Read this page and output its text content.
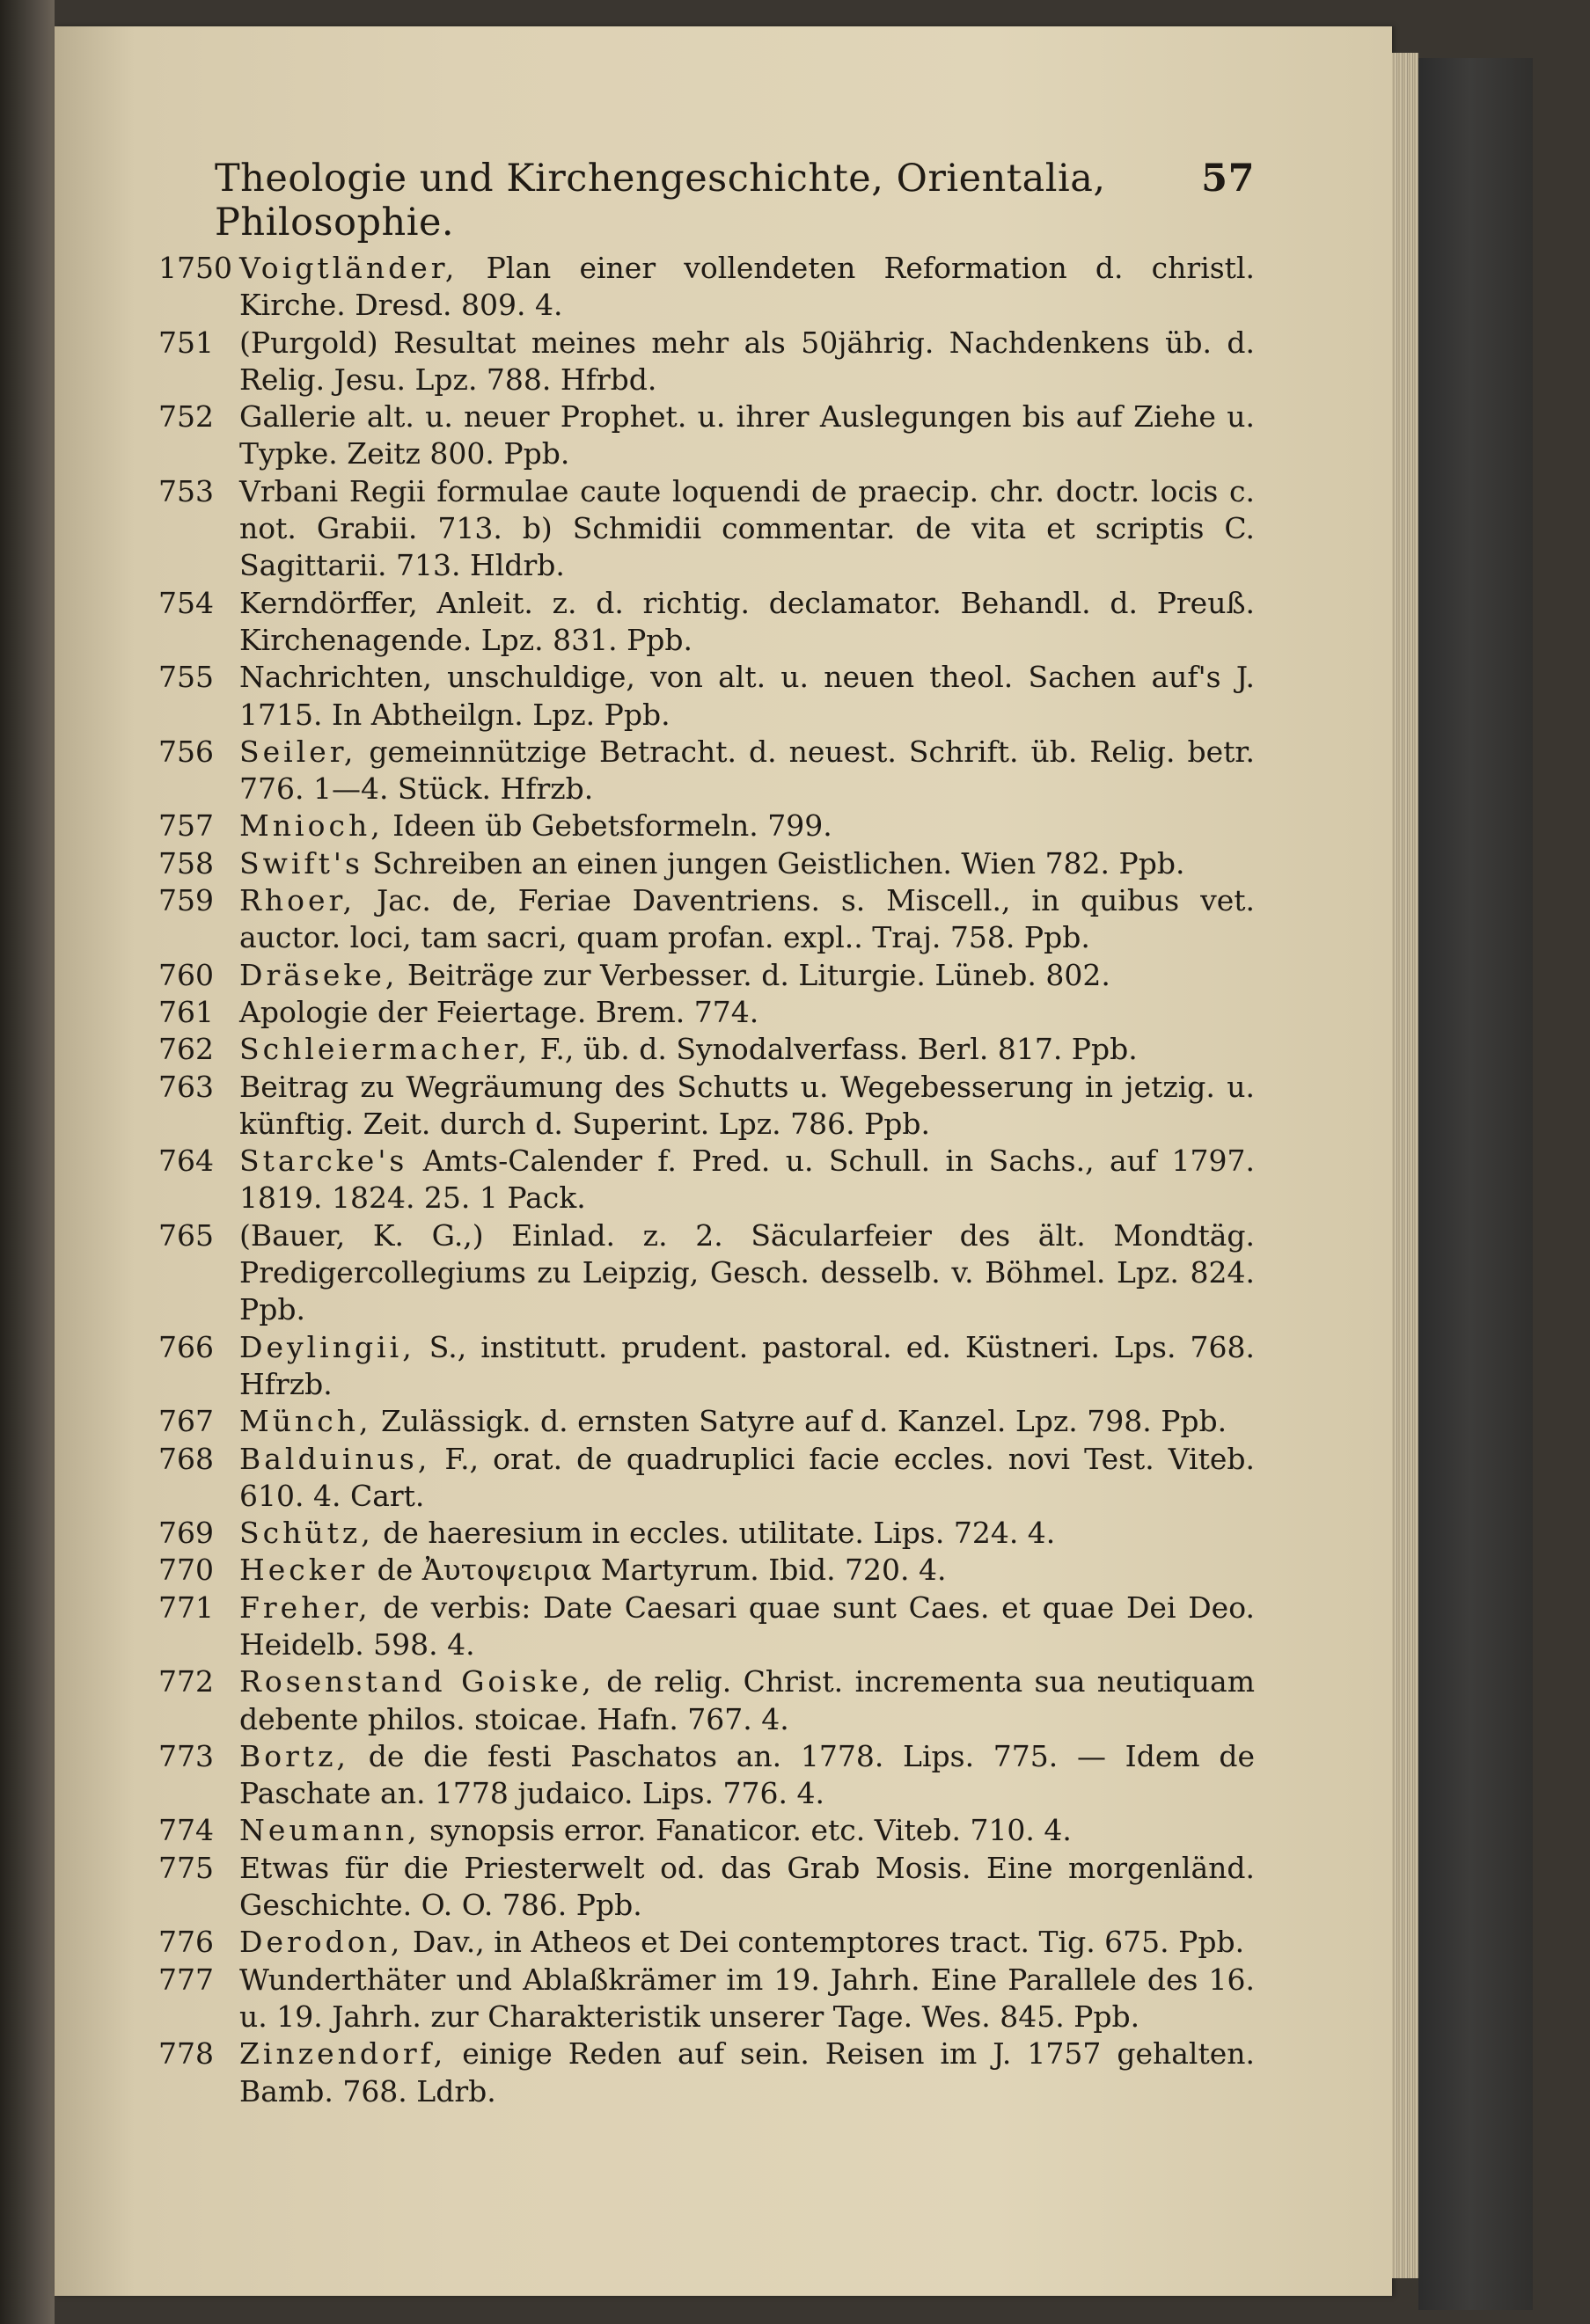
Theologie und Kirchengeschichte, Orientalia, Philosophie.
57
1750 Voigtländer, Plan einer vollendeten Reformation d. christl. Kirche. Dresd. 809. 4.
751 (Purgold) Resultat meines mehr als 50jährig. Nachdenkens üb. d. Relig. Jesu. Lpz. 788. Hfrbd.
752 Gallerie alt. u. neuer Prophet. u. ihrer Auslegungen bis auf Ziehe u. Typke. Zeitz 800. Ppb.
753 Vrbani Regii formulae caute loquendi de praecip. chr. doctr. locis c. not. Grabii. 713. b) Schmidii commentar. de vita et scriptis C. Sagittarii. 713. Hldrb.
754 Kerndörffer, Anleit. z. d. richtig. declamator. Behandl. d. Preuß. Kirchenagende. Lpz. 831. Ppb.
755 Nachrichten, unschuldige, von alt. u. neuen theol. Sachen auf's J. 1715. In Abtheilgn. Lpz. Ppb.
756 Seiler, gemeinnützige Betracht. d. neuest. Schrift. üb. Relig. betr. 776. 1—4. Stück. Hfrzb.
757 Mnioch, Ideen üb Gebetsformeln. 799.
758 Swift's Schreiben an einen jungen Geistlichen. Wien 782. Ppb.
759 Rhoer, Jac. de, Feriae Daventriens. s. Miscell., in quibus vet. auctor. loci, tam sacri, quam profan. expl.. Traj. 758. Ppb.
760 Dräseke, Beiträge zur Verbesser. d. Liturgie. Lüneb. 802.
761 Apologie der Feiertage. Brem. 774.
762 Schleiermacher, F., üb. d. Synodalverfass. Berl. 817. Ppb.
763 Beitrag zu Wegräumung des Schutts u. Wegebesserung in jetzig. u. künftig. Zeit. durch d. Superint. Lpz. 786. Ppb.
764 Starcke's Amts-Calender f. Pred. u. Schull. in Sachs., auf 1797. 1819. 1824. 25. 1 Pack.
765 (Bauer, K. G.,) Einlad. z. 2. Säcularfeier des ält. Mondtäg. Predigercollegiums zu Leipzig, Gesch. desselb. v. Böhmel. Lpz. 824. Ppb.
766 Deylingii, S., institutt. prudent. pastoral. ed. Küstneri. Lps. 768. Hfrzb.
767 Münch, Zulässigk. d. ernsten Satyre auf d. Kanzel. Lpz. 798. Ppb.
768 Balduinus, F., orat. de quadruplici facie eccles. novi Test. Viteb. 610. 4. Cart.
769 Schütz, de haeresium in eccles. utilitate. Lips. 724. 4.
770 Hecker de Ἀυτοψειρια Martyrum. Ibid. 720. 4.
771 Freher, de verbis: Date Caesari quae sunt Caes. et quae Dei Deo. Heidelb. 598. 4.
772 Rosenstand Goiske, de relig. Christ. incrementa sua neutiquam debente philos. stoicae. Hafn. 767. 4.
773 Bortz, de die festi Paschatos an. 1778. Lips. 775. — Idem de Paschate an. 1778 judaico. Lips. 776. 4.
774 Neumann, synopsis error. Fanaticor. etc. Viteb. 710. 4.
775 Etwas für die Priesterwelt od. das Grab Mosis. Eine morgenländ. Geschichte. O. O. 786. Ppb.
776 Derodon, Dav., in Atheos et Dei contemptores tract. Tig. 675. Ppb.
777 Wunderthäter und Ablaßkrämer im 19. Jahrh. Eine Parallele des 16. u. 19. Jahrh. zur Charakteristik unserer Tage. Wes. 845. Ppb.
778 Zinzendorf, einige Reden auf sein. Reisen im J. 1757 gehalten. Bamb. 768. Ldrb.
